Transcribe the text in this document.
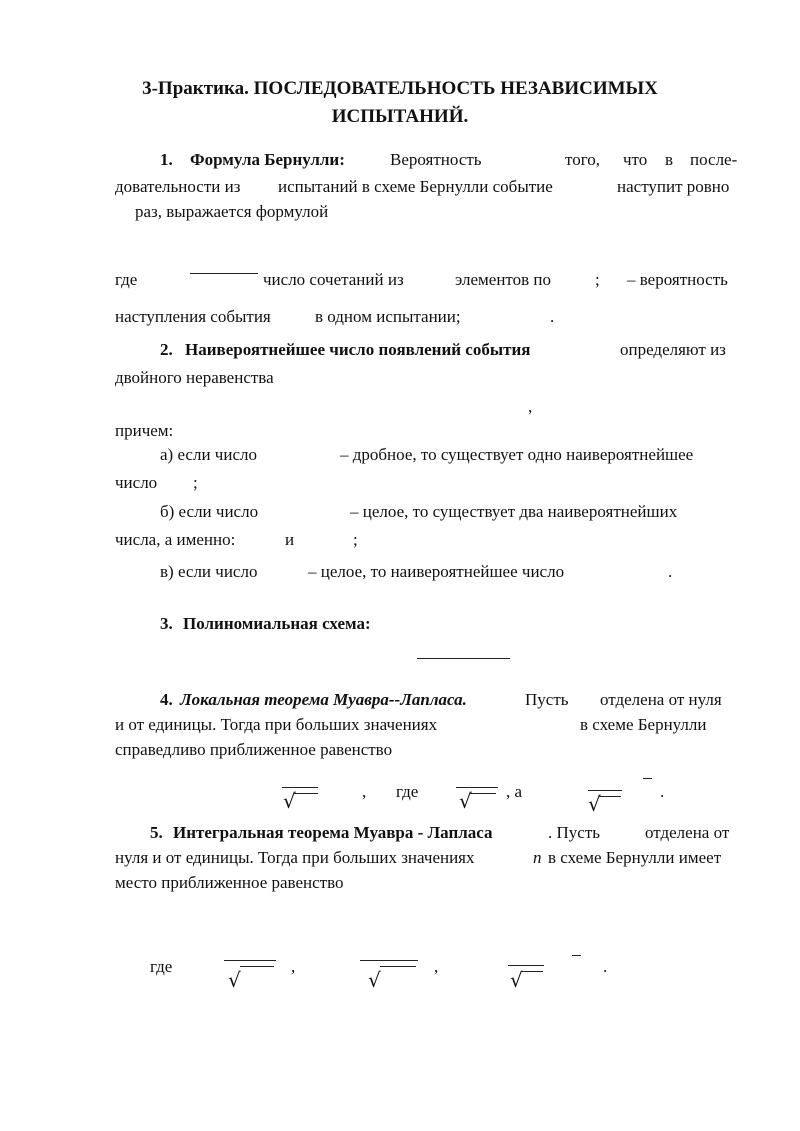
3-Практика. ПОСЛЕДОВАТЕЛЬНОСТЬ НЕЗАВИСИМЫХ
ИСПЫТАНИЙ.
1. Формула Бернулли:	Вероятность	того, что в после-
довательности из испытаний в схеме Бернулли событие	наступит ровно
раз, выражается формулой
где	число сочетаний из	элементов по	; – вероятность
наступления события	в одном испытании;	.
2. Наивероятнейшее число появлений события	определяют из
двойного неравенства
,
причем:
а) если число	– дробное, то существует одно наивероятнейшее
число ;
б) если число	– целое, то существует два наивероятнейших
числа, а именно:	и	;
в) если число	– целое, то наивероятнейшее число	.
3. Полиномиальная схема:
4. Локальная теорема Муавра--Лапласа.	Пусть отделена от нуля
и от единицы. Тогда при больших значениях	в схеме Бернулли
справедливо приближенное равенство
√	, где √ , а
√
.
5. Интегральная теорема Муавра - Лапласа	. Пусть	отделена от
нуля и от единицы. Тогда при больших значениях	n в схеме Бернулли имеет
место приближенное равенство
где
√
,
√
,
√
.
